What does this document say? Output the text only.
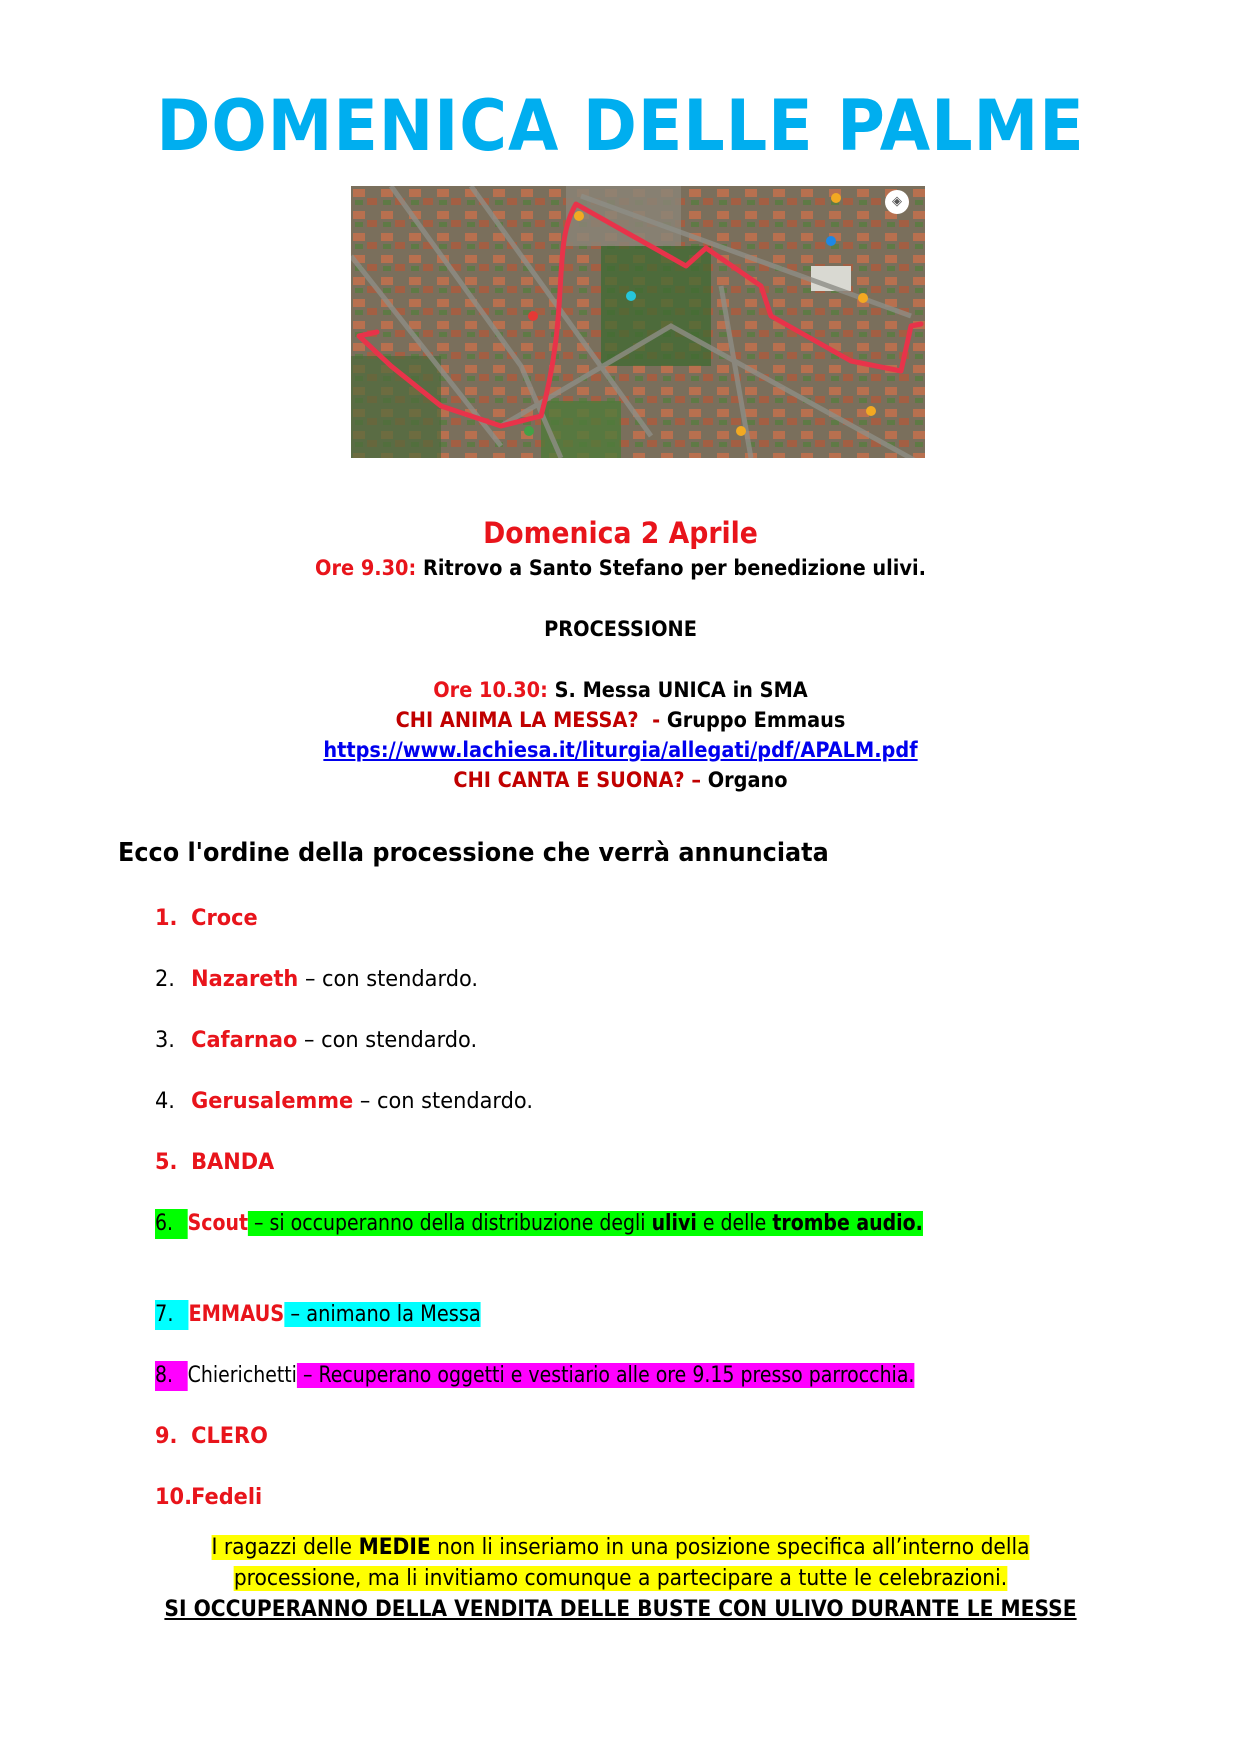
DOMENICA DELLE PALME
◈
Domenica 2 Aprile
Ore 9.30: Ritrovo a Santo Stefano per benedizione ulivi.
PROCESSIONE
Ore 10.30: S. Messa UNICA in SMA
CHI ANIMA LA MESSA?  - Gruppo Emmaus
https://www.lachiesa.it/liturgia/allegati/pdf/APALM.pdf
CHI CANTA E SUONA? – Organo
Ecco l'ordine della processione che verrà annunciata
1. Croce
2. Nazareth – con stendardo.
3. Cafarnao – con stendardo.
4. Gerusalemme – con stendardo.
5. BANDA
6. Scout – si occuperanno della distribuzione degli ulivi e delle trombe audio.
7. EMMAUS – animano la Messa
8. Chierichetti – Recuperano oggetti e vestiario alle ore 9.15 presso parrocchia.
9. CLERO
10.Fedeli
I ragazzi delle MEDIE non li inseriamo in una posizione specifica all’interno della
processione, ma li invitiamo comunque a partecipare a tutte le celebrazioni.
SI OCCUPERANNO DELLA VENDITA DELLE BUSTE CON ULIVO DURANTE LE MESSE
